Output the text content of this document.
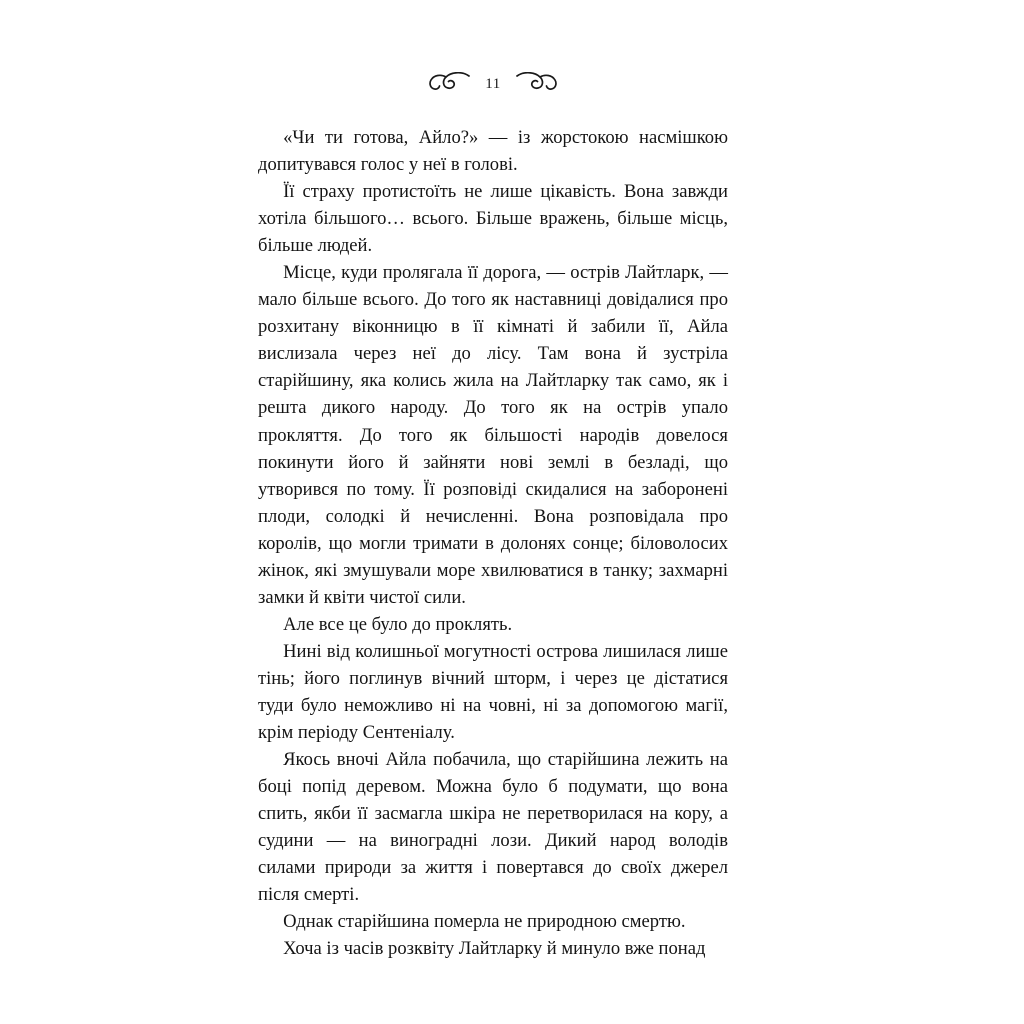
11

«Чи ти готова, Айло?» — із жорстокою насмішкою допитувався голос у неї в голові.

Її страху протистоїть не лише цікавість. Вона завжди хотіла більшого… всього. Більше вражень, більше місць, більше людей.

Місце, куди пролягала її дорога, — острів Лайтларк, — мало більше всього. До того як наставниці довідалися про розхитану віконницю в її кімнаті й забили її, Айла вислизала через неї до лісу. Там вона й зустріла старійшину, яка колись жила на Лайтларку так само, як і решта дикого народу. До того як на острів упало прокляття. До того як більшості народів довелося покинути його й зайняти нові землі в безладі, що утворився по тому. Її розповіді скидалися на заборонені плоди, солодкі й нечисленні. Вона розповідала про королів, що могли тримати в долонях сонце; біловолосих жінок, які змушували море хвилюватися в танку; захмарні замки й квіти чистої сили.

Але все це було до проклять.

Нині від колишньої могутності острова лишилася лише тінь; його поглинув вічний шторм, і через це дістатися туди було неможливо ні на човні, ні за допомогою магії, крім періоду Сентеніалу.

Якось вночі Айла побачила, що старійшина лежить на боці попід деревом. Можна було б подумати, що вона спить, якби її засмагла шкіра не перетворилася на кору, а судини — на виноградні лози. Дикий народ володів силами природи за життя і повертався до своїх джерел після смерті.

Однак старійшина померла не природною смертю.

Хоча із часів розквіту Лайтларку й минуло вже понад
